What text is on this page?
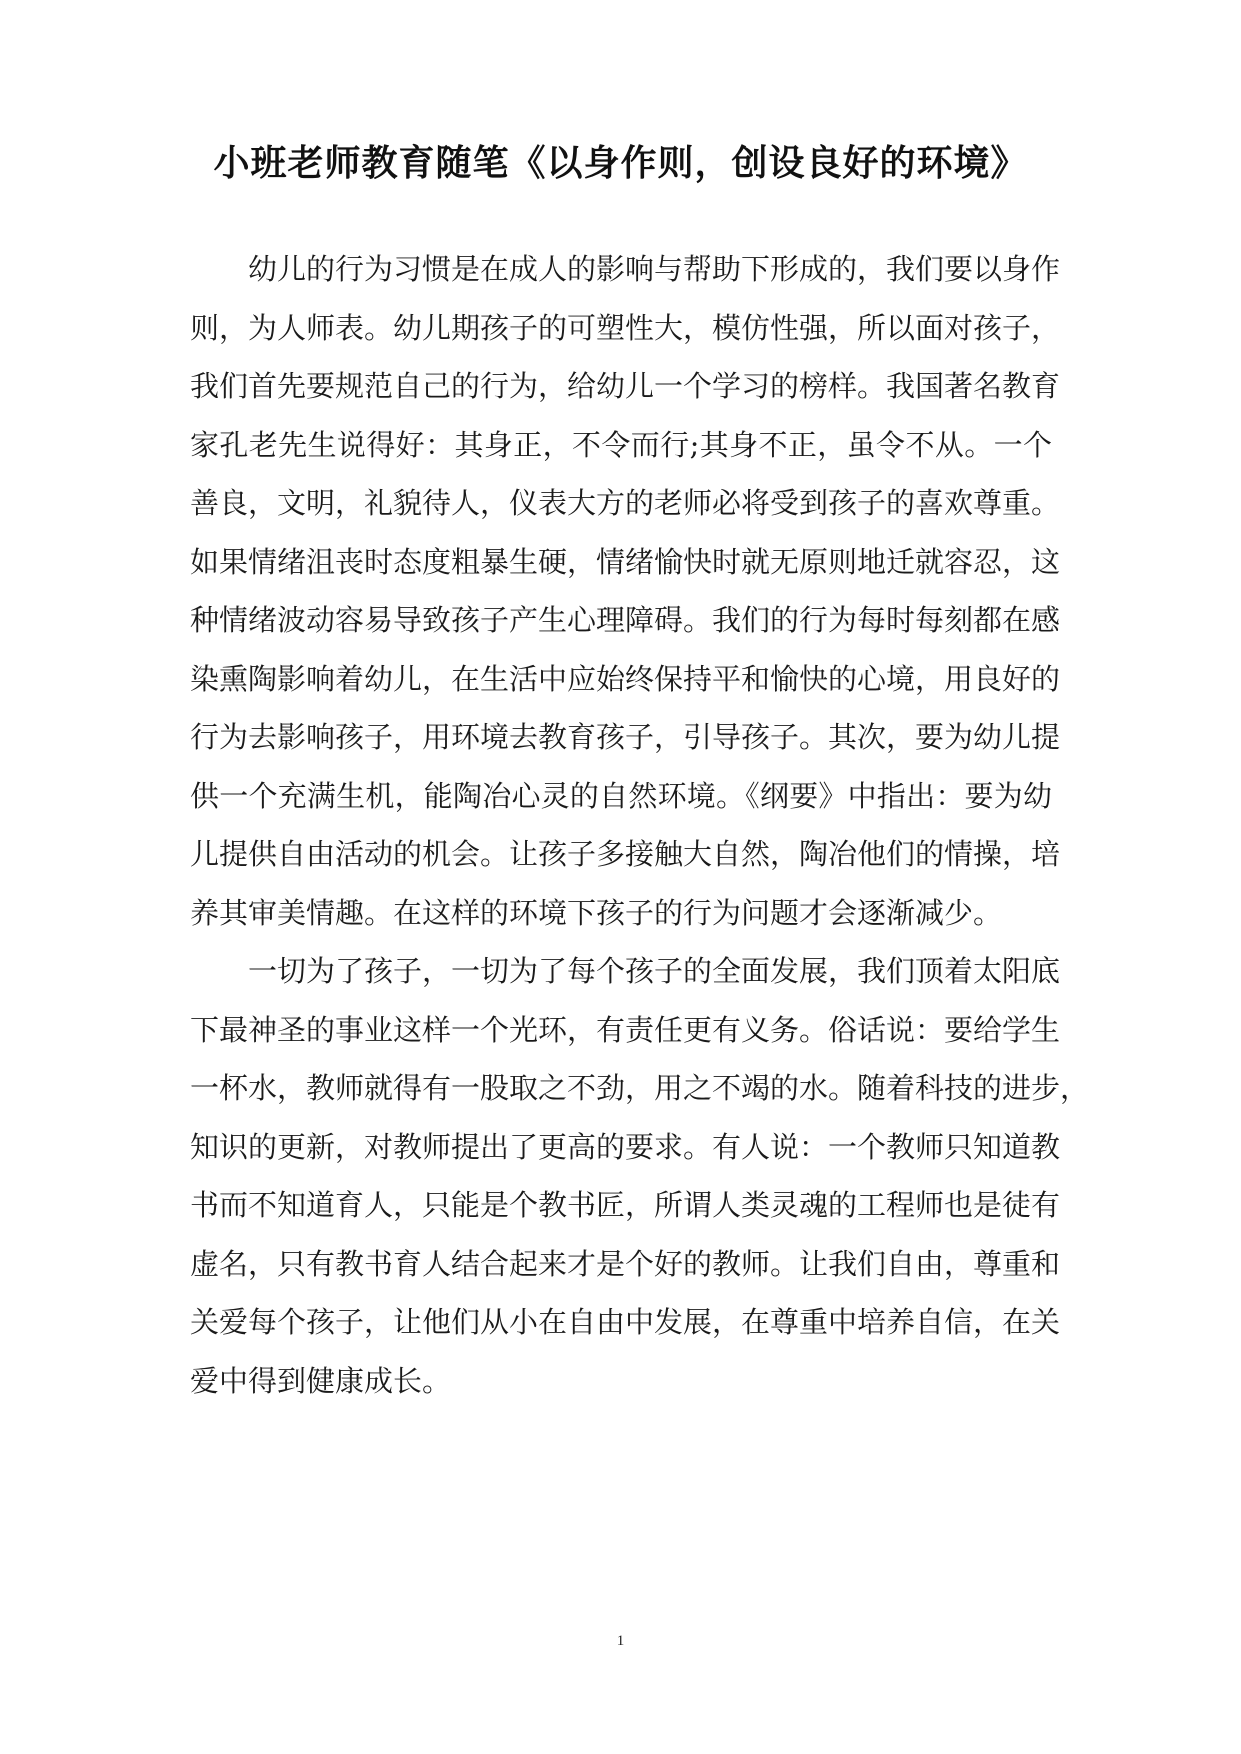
小班老师教育随笔《以身作则，创设良好的环境》
幼儿的行为习惯是在成人的影响与帮助下形成的，我们要以身作
则，为人师表。幼儿期孩子的可塑性大，模仿性强，所以面对孩子，
我们首先要规范自己的行为，给幼儿一个学习的榜样。我国著名教育
家孔老先生说得好：其身正，不令而行;其身不正，虽令不从。一个
善良，文明，礼貌待人，仪表大方的老师必将受到孩子的喜欢尊重。
如果情绪沮丧时态度粗暴生硬，情绪愉快时就无原则地迁就容忍，这
种情绪波动容易导致孩子产生心理障碍。我们的行为每时每刻都在感
染熏陶影响着幼儿，在生活中应始终保持平和愉快的心境，用良好的
行为去影响孩子，用环境去教育孩子，引导孩子。其次，要为幼儿提
供一个充满生机，能陶冶心灵的自然环境。《纲要》中指出：要为幼
儿提供自由活动的机会。让孩子多接触大自然，陶冶他们的情操，培
养其审美情趣。在这样的环境下孩子的行为问题才会逐渐减少。
一切为了孩子，一切为了每个孩子的全面发展，我们顶着太阳底
下最神圣的事业这样一个光环，有责任更有义务。俗话说：要给学生
一杯水，教师就得有一股取之不劲，用之不竭的水。随着科技的进步，
知识的更新，对教师提出了更高的要求。有人说：一个教师只知道教
书而不知道育人，只能是个教书匠，所谓人类灵魂的工程师也是徒有
虚名，只有教书育人结合起来才是个好的教师。让我们自由，尊重和
关爱每个孩子，让他们从小在自由中发展，在尊重中培养自信，在关
爱中得到健康成长。
1
